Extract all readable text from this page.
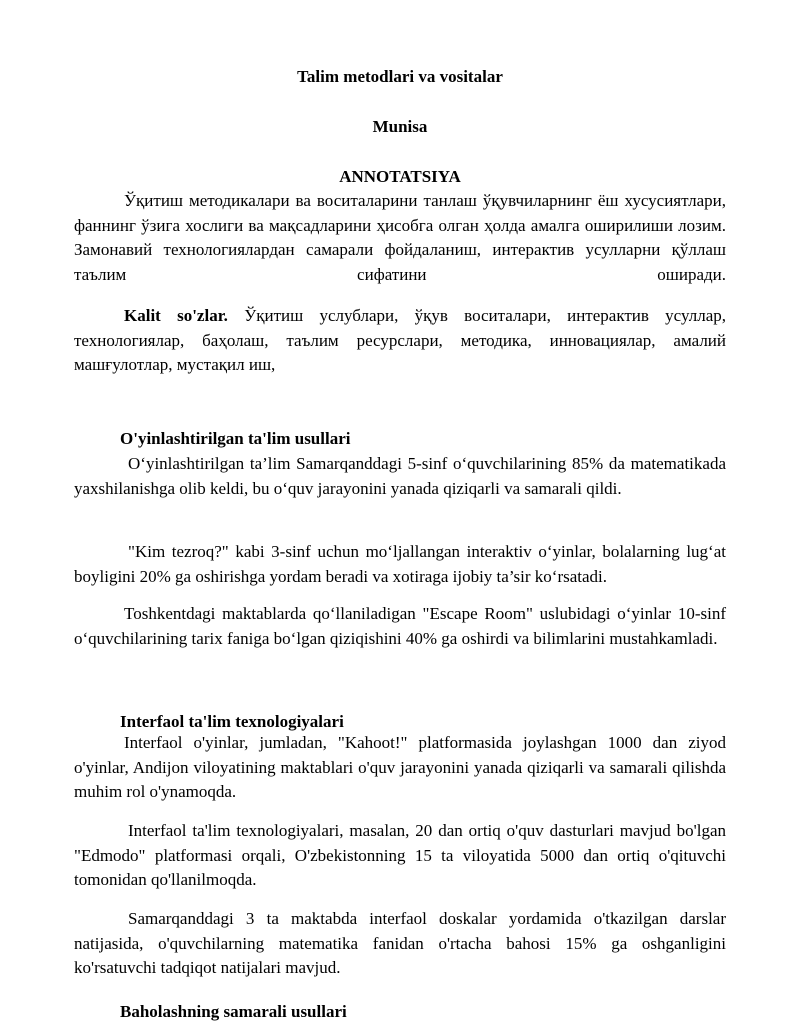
Talim metodlari va vositalar
Munisa
ANNOTATSIYA
Ўқитиш методикалари ва воситаларини танлаш ўқувчиларнинг ёш хусусиятлари, фаннинг ўзига хослиги ва мақсадларини ҳисобга олган ҳолда амалга оширилиши лозим. Замонавий технологиялардан самарали фойдаланиш, интерактив усулларни қўллаш таълим сифатини оширади.
Kalit so'zlar. Ўқитиш услублари, ўқув воситалари, интерактив усуллар, технологиялар, баҳолаш, таълим ресурслари, методика, инновациялар, амалий машғулотлар, мустақил иш,
O'yinlashtirilgan ta'lim usullari
O‘yinlashtirilgan ta’lim Samarqanddagi 5-sinf o‘quvchilarining 85% da matematikada yaxshilanishga olib keldi, bu o‘quv jarayonini yanada qiziqarli va samarali qildi.
"Kim tezroq?" kabi 3-sinf uchun mo‘ljallangan interaktiv o‘yinlar, bolalarning lug‘at boyligini 20% ga oshirishga yordam beradi va xotiraga ijobiy ta’sir ko‘rsatadi.
Toshkentdagi maktablarda qo‘llaniladigan "Escape Room" uslubidagi o‘yinlar 10-sinf o‘quvchilarining tarix faniga bo‘lgan qiziqishini 40% ga oshirdi va bilimlarini mustahkamladi.
Interfaol ta'lim texnologiyalari
Interfaol o'yinlar, jumladan, "Kahoot!" platformasida joylashgan 1000 dan ziyod o'yinlar, Andijon viloyatining maktablari o'quv jarayonini yanada qiziqarli va samarali qilishda muhim rol o'ynamoqda.
Interfaol ta'lim texnologiyalari, masalan, 20 dan ortiq o'quv dasturlari mavjud bo'lgan "Edmodo" platformasi orqali, O'zbekistonning 15 ta viloyatida 5000 dan ortiq o'qituvchi tomonidan qo'llanilmoqda.
Samarqanddagi 3 ta maktabda interfaol doskalar yordamida o'tkazilgan darslar natijasida, o'quvchilarning matematika fanidan o'rtacha bahosi 15% ga oshganligini ko'rsatuvchi tadqiqot natijalari mavjud.
Baholashning samarali usullari
